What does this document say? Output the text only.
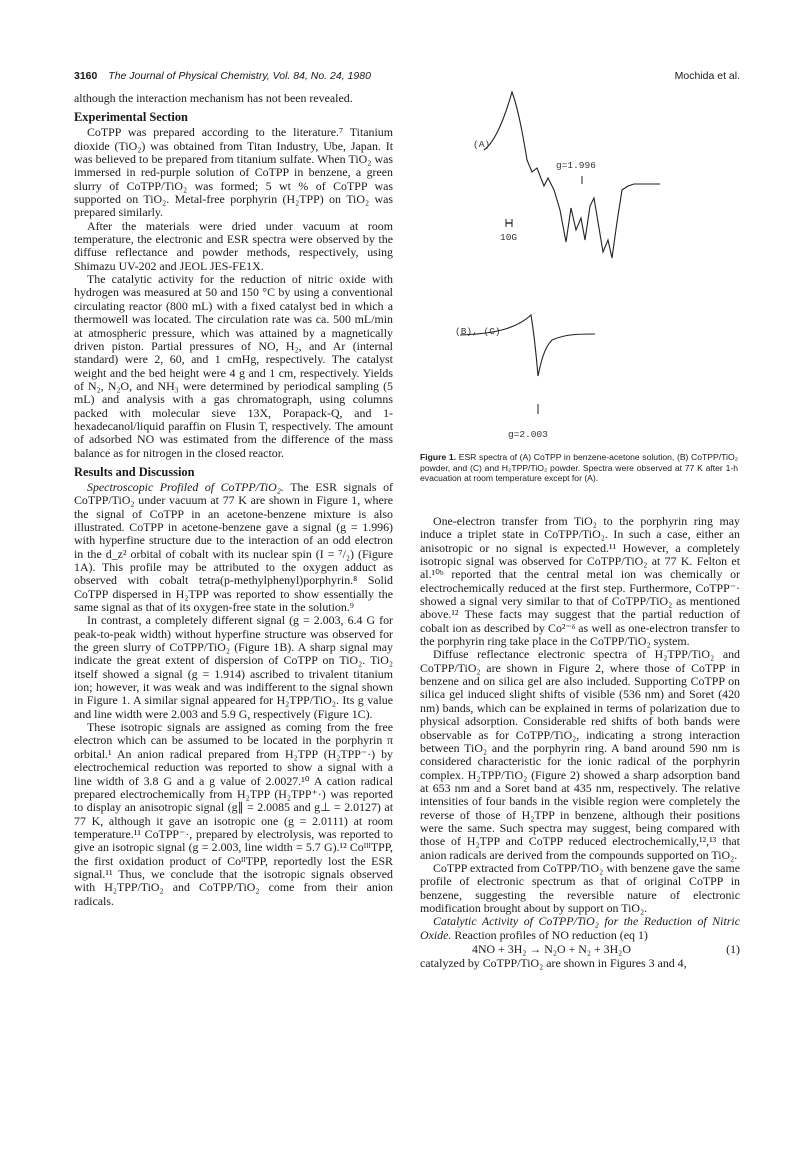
3160 The Journal of Physical Chemistry, Vol. 84, No. 24, 1980	Mochida et al.

although the interaction mechanism has not been revealed.

Experimental Section

CoTPP was prepared according to the literature.⁷ Titanium dioxide (TiO₂) was obtained from Titan Industry, Ube, Japan. It was believed to be prepared from titanium sulfate. When TiO₂ was immersed in red-purple solution of CoTPP in benzene, a green slurry of CoTPP/TiO₂ was formed; 5 wt % of CoTPP was supported on TiO₂. Metal-free porphyrin (H₂TPP) on TiO₂ was prepared similarly.

After the materials were dried under vacuum at room temperature, the electronic and ESR spectra were observed by the diffuse reflectance and powder methods, respectively, using Shimazu UV-202 and JEOL JES-FE1X.

The catalytic activity for the reduction of nitric oxide with hydrogen was measured at 50 and 150 °C by using a conventional circulating reactor (800 mL) with a fixed catalyst bed in which a thermowell was located. The circulation rate was ca. 500 mL/min at atmospheric pressure, which was attained by a magnetically driven piston. Partial pressures of NO, H₂, and Ar (internal standard) were 2, 60, and 1 cmHg, respectively. The catalyst weight and the bed height were 4 g and 1 cm, respectively. Yields of N₂, N₂O, and NH₃ were determined by periodical sampling (5 mL) and analysis with a gas chromatograph, using columns packed with molecular sieve 13X, Porapack-Q, and 1-hexadecanol/liquid paraffin on Flusin T, respectively. The amount of adsorbed NO was estimated from the difference of the mass balance as for nitrogen in the closed reactor.

Results and Discussion

Spectroscopic Profiled of CoTPP/TiO₂. The ESR signals of CoTPP/TiO₂ under vacuum at 77 K are shown in Figure 1, where the signal of CoTPP in an acetone-benzene mixture is also illustrated. CoTPP in acetone-benzene gave a signal (g = 1.996) with hyperfine structure due to the interaction of an odd electron in the d_z² orbital of cobalt with its nuclear spin (I = ⁷/₂) (Figure 1A). This profile may be attributed to the oxygen adduct as observed with cobalt tetra(p-methylphenyl)porphyrin.⁸ Solid CoTPP dispersed in H₂TPP was reported to show essentially the same signal as that of its oxygen-free state in the solution.⁹

In contrast, a completely different signal (g = 2.003, 6.4 G for peak-to-peak width) without hyperfine structure was observed for the green slurry of CoTPP/TiO₂ (Figure 1B). A sharp signal may indicate the great extent of dispersion of CoTPP on TiO₂. TiO₂ itself showed a signal (g = 1.914) ascribed to trivalent titanium ion; however, it was weak and was indifferent to the signal shown in Figure 1. A similar signal appeared for H₂TPP/TiO₂. Its g value and line width were 2.003 and 5.9 G, respectively (Figure 1C).

These isotropic signals are assigned as coming from the free electron which can be assumed to be located in the porphyrin π orbital.¹ An anion radical prepared from H₂TPP (H₂TPP⁻·) by electrochemical reduction was reported to show a signal with a line width of 3.8 G and a g value of 2.0027.¹⁰ A cation radical prepared electrochemically from H₂TPP (H₂TPP⁺·) was reported to display an anisotropic signal (g∥ = 2.0085 and g⊥ = 2.0127) at 77 K, although it gave an isotropic one (g = 2.0111) at room temperature.¹¹ CoTPP⁻·, prepared by electrolysis, was reported to give an isotropic signal (g = 2.003, line width = 5.7 G).¹² CoᴵᴵᴵTPP, the first oxidation product of CoᴵᴵTPP, reportedly lost the ESR signal.¹¹ Thus, we conclude that the isotropic signals observed with H₂TPP/TiO₂ and CoTPP/TiO₂ come from their anion radicals.

(A)
g=1.996
10G
(B), (C)
g=2.003
Figure 1. ESR spectra of (A) CoTPP in benzene-acetone solution, (B) CoTPP/TiO₂ powder, and (C) and H₂TPP/TiO₂ powder. Spectra were observed at 77 K after 1-h evacuation at room temperature except for (A).

One-electron transfer from TiO₂ to the porphyrin ring may induce a triplet state in CoTPP/TiO₂. In such a case, either an anisotropic or no signal is expected.¹¹ However, a completely isotropic signal was observed for CoTPP/TiO₂ at 77 K. Felton et al.¹⁰ᵇ reported that the central metal ion was chemically or electrochemically reduced at the first step. Furthermore, CoTPP⁻· showed a signal very similar to that of CoTPP/TiO₂ as mentioned above.¹² These facts may suggest that the partial reduction of cobalt ion as described by Co²⁻ᵟ as well as one-electron transfer to the porphyrin ring take place in the CoTPP/TiO₂ system.

Diffuse reflectance electronic spectra of H₂TPP/TiO₂ and CoTPP/TiO₂ are shown in Figure 2, where those of CoTPP in benzene and on silica gel are also included. Supporting CoTPP on silica gel induced slight shifts of visible (536 nm) and Soret (420 nm) bands, which can be explained in terms of polarization due to physical adsorption. Considerable red shifts of both bands were observable as for CoTPP/TiO₂, indicating a strong interaction between TiO₂ and the porphyrin ring. A band around 590 nm is considered characteristic for the ionic radical of the porphyrin complex. H₂TPP/TiO₂ (Figure 2) showed a sharp adsorption band at 653 nm and a Soret band at 435 nm, respectively. The relative intensities of four bands in the visible region were completely the reverse of those of H₂TPP in benzene, although their positions were the same. Such spectra may suggest, being compared with those of H₂TPP and CoTPP reduced electrochemically,¹²,¹³ that anion radicals are derived from the compounds supported on TiO₂.

CoTPP extracted from CoTPP/TiO₂ with benzene gave the same profile of electronic spectrum as that of original CoTPP in benzene, suggesting the reversible nature of electronic modification brought about by support on TiO₂.

Catalytic Activity of CoTPP/TiO₂ for the Reduction of Nitric Oxide. Reaction profiles of NO reduction (eq 1)

4NO + 3H₂ → N₂O + N₂ + 3H₂O	(1)

catalyzed by CoTPP/TiO₂ are shown in Figures 3 and 4,
